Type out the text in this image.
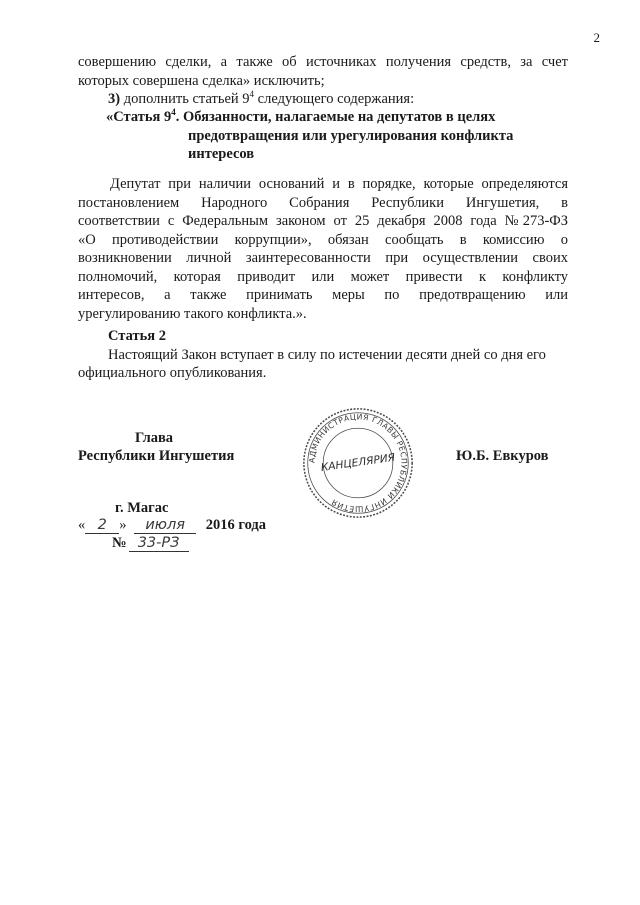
2
совершению сделки, а также об источниках получения средств, за счет
которых совершена сделка» исключить;
3) дополнить статьей $9^4$ следующего содержания:
«Статья $9^4$. Обязанности, налагаемые на депутатов в целях
предотвращения или урегулирования конфликта
интересов
Депутат при наличии оснований и в порядке, которые определяются
постановлением Народного Собрания Республики Ингушетия, в
соответствии с Федеральным законом от 25 декабря 2008 года №273-ФЗ
«О противодействии коррупции», обязан сообщать в комиссию о
возникновении личной заинтересованности при осуществлении своих
полномочий, которая приводит или может привести к конфликту
интересов, а также принимать меры по предотвращению или
урегулированию такого конфликта.».
Статья 2
Настоящий Закон вступает в силу по истечении десяти дней со дня его
официального опубликования.
Глава
Республики Ингушетия	Ю.Б. Евкуров
АДМИНИСТРАЦИЯ ГЛАВЫ РЕСПУБЛИКИ ИНГУШЕТИЯ
КАНЦЕЛЯРИЯ
г. Магас
« 2 » июля 2016 года
№ 33-РЗ
